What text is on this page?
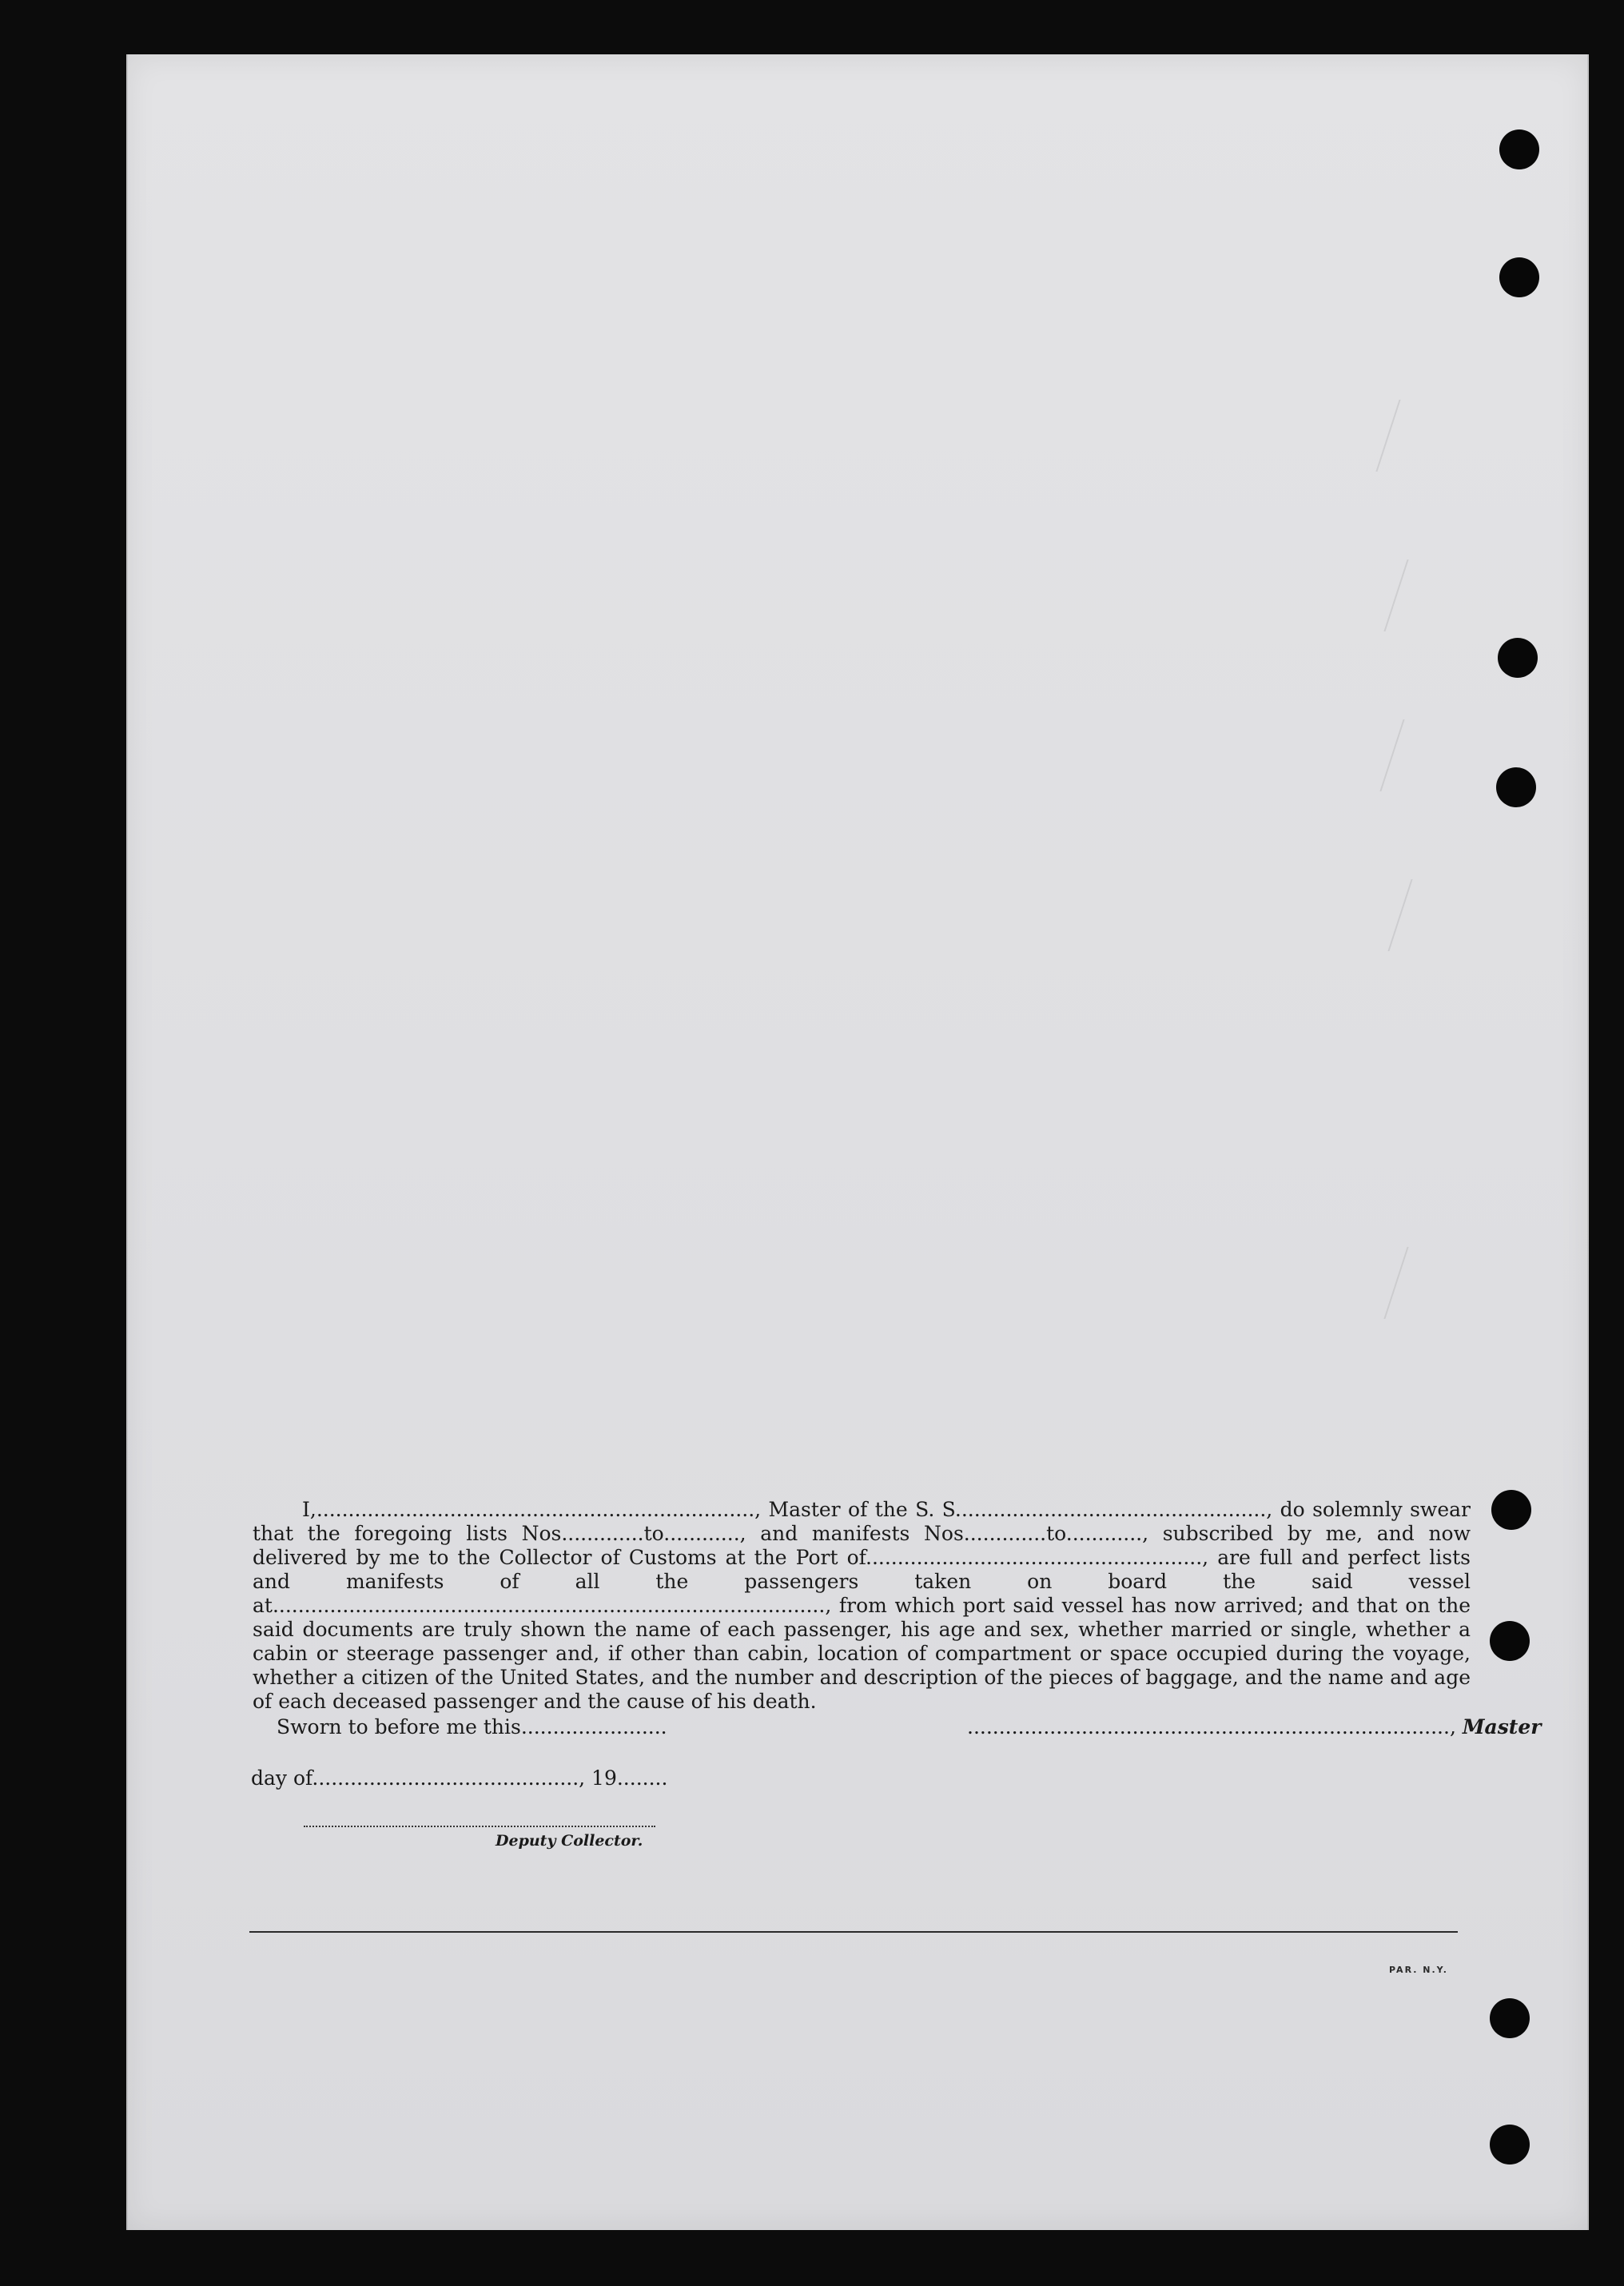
I,....................................................................., Master of the S. S................................................., do solemnly swear that the foregoing lists Nos.............to............, and manifests Nos.............to............, subscribed by me, and now delivered by me to the Collector of Customs at the Port of....................................................., are full and perfect lists and manifests of all the passengers taken on board the said vessel at......................................................................................., from which port said vessel has now arrived; and that on the said documents are truly shown the name of each passenger, his age and sex, whether married or single, whether a cabin or steerage passenger and, if other than cabin, location of compartment or space occupied during the voyage, whether a citizen of the United States, and the number and description of the pieces of baggage, and the name and age of each deceased passenger and the cause of his death.

Sworn to before me this.......................	............................................................................, Master
day of.........................................., 19........
Deputy Collector.
PAR. N.Y.
